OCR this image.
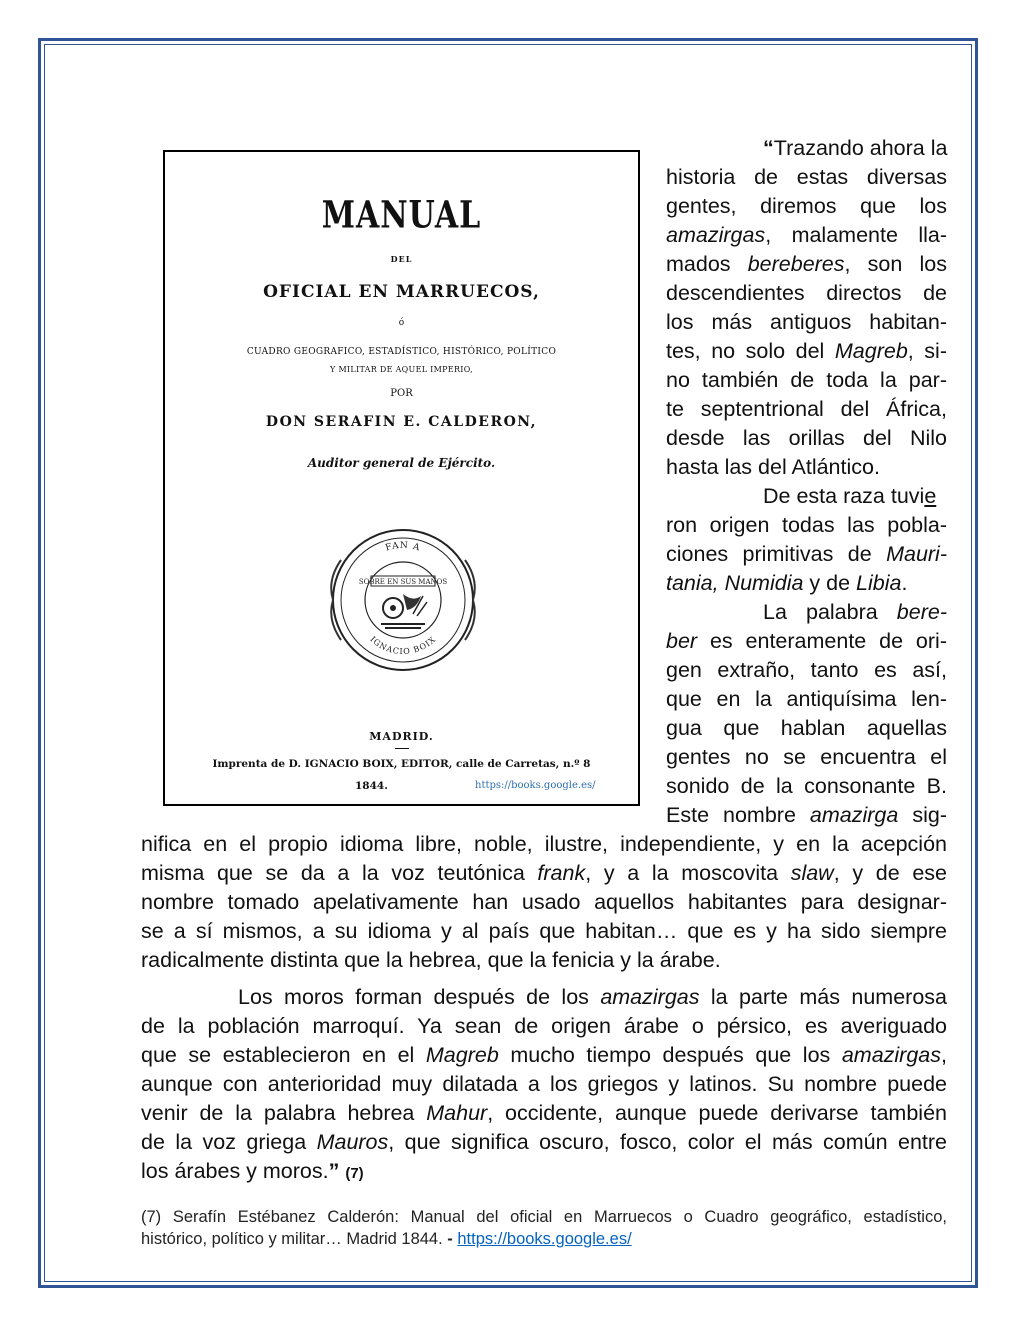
MANUAL
DEL
OFICIAL EN MARRUECOS,
ó
CUADRO GEOGRAFICO, ESTADÍSTICO, HISTÓRICO, POLÍTICO
Y MILITAR DE AQUEL IMPERIO,
POR
DON SERAFIN E. CALDERON,
Auditor general de Ejército.
FAN A
IGNACIO BOIX
SOBRE EN SUS MANOS
MADRID.
Imprenta de D. IGNACIO BOIX, EDITOR, calle de Carretas, n.º 8
1844.	https://books.google.es/
“Trazando ahora la
historia de estas diversas
gentes, diremos que los
amazirgas, malamente lla-
mados bereberes, son los
descendientes directos de
los más antiguos habitan-
tes, no solo del Magreb, si-
no también de toda la par-
te septentrional del África,
desde las orillas del Nilo
hasta las del Atlántico.
De esta raza tuvie
ron origen todas las pobla-
ciones primitivas de Mauri-
tania, Numidia y de Libia.
La palabra bere-
ber es enteramente de ori-
gen extraño, tanto es así,
que en la antiquísima len-
gua que hablan aquellas
gentes no se encuentra el
sonido de la consonante B.
Este nombre amazirga sig-
nifica en el propio idioma libre, noble, ilustre, independiente, y en la acepción
misma que se da a la voz teutónica frank, y a la moscovita slaw, y de ese
nombre tomado apelativamente han usado aquellos habitantes para designar-
se a sí mismos, a su idioma y al país que habitan… que es y ha sido siempre
radicalmente distinta que la hebrea, que la fenicia y la árabe.
Los moros forman después de los amazirgas la parte más numerosa
de la población marroquí. Ya sean de origen árabe o pérsico, es averiguado
que se establecieron en el Magreb mucho tiempo después que los amazirgas,
aunque con anterioridad muy dilatada a los griegos y latinos. Su nombre puede
venir de la palabra hebrea Mahur, occidente, aunque puede derivarse también
de la voz griega Mauros, que significa oscuro, fosco, color el más común entre
los árabes y moros.” (7)
(7) Serafín Estébanez Calderón: Manual del oficial en Marruecos o Cuadro geográfico, estadístico,
histórico, político y militar… Madrid 1844. - https://books.google.es/
